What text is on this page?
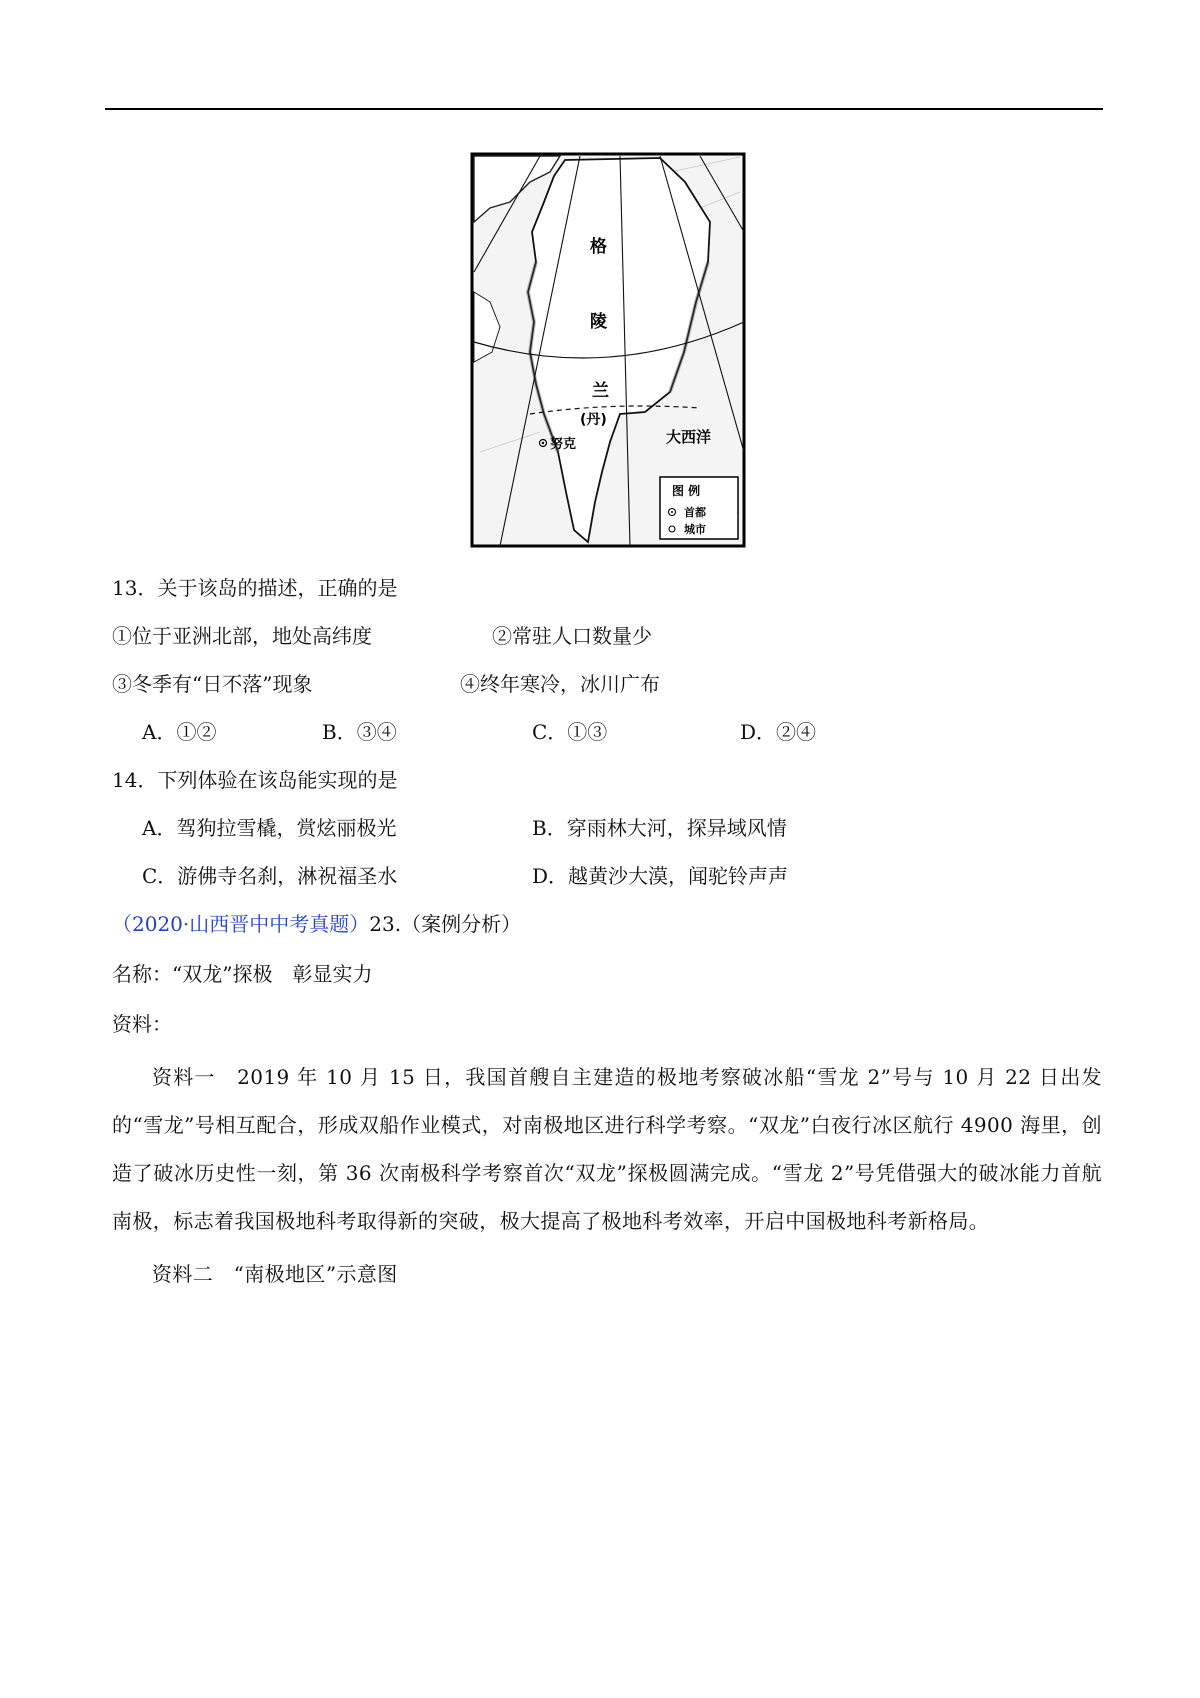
格
陵
兰
(丹)
努克	大西洋
图 例
首都
城市
13．关于该岛的描述，正确的是
①位于亚洲北部，地处高纬度	②常驻人口数量少
③冬季有“日不落”现象	④终年寒冷，冰川广布
A．①②	B．③④	C．①③	D．②④
14．下列体验在该岛能实现的是
A．驾狗拉雪橇，赏炫丽极光	B．穿雨林大河，探异域风情
C．游佛寺名刹，淋祝福圣水	D．越黄沙大漠，闻驼铃声声
（2020·山西晋中中考真题）23.（案例分析）
名称：“双龙”探极　彰显实力
资料：

资料一　2019 年 10 月 15 日，我国首艘自主建造的极地考察破冰船“雪龙 2”号与 10 月 22 日出发的“雪龙”号相互配合，形成双船作业模式，对南极地区进行科学考察。“双龙”白夜行冰区航行 4900 海里，创造了破冰历史性一刻，第 36 次南极科学考察首次“双龙”探极圆满完成。“雪龙 2”号凭借强大的破冰能力首航南极，标志着我国极地科考取得新的突破，极大提高了极地科考效率，开启中国极地科考新格局。

资料二　“南极地区”示意图
